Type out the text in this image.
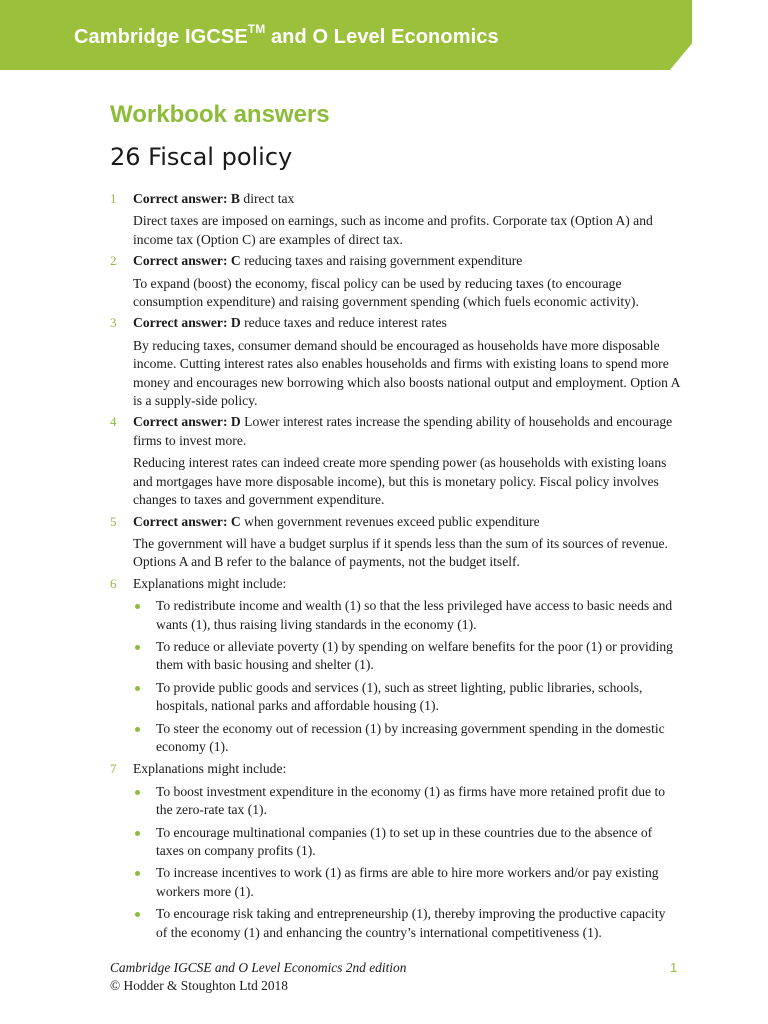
Cambridge IGCSE™ and O Level Economics
Workbook answers
26 Fiscal policy
1 Correct answer: B direct tax

Direct taxes are imposed on earnings, such as income and profits. Corporate tax (Option A) and income tax (Option C) are examples of direct tax.

2 Correct answer: C reducing taxes and raising government expenditure

To expand (boost) the economy, fiscal policy can be used by reducing taxes (to encourage consumption expenditure) and raising government spending (which fuels economic activity).

3 Correct answer: D reduce taxes and reduce interest rates

By reducing taxes, consumer demand should be encouraged as households have more disposable income. Cutting interest rates also enables households and firms with existing loans to spend more money and encourages new borrowing which also boosts national output and employment. Option A is a supply-side policy.

4 Correct answer: D Lower interest rates increase the spending ability of households and encourage firms to invest more.

Reducing interest rates can indeed create more spending power (as households with existing loans and mortgages have more disposable income), but this is monetary policy. Fiscal policy involves changes to taxes and government expenditure.

5 Correct answer: C when government revenues exceed public expenditure

The government will have a budget surplus if it spends less than the sum of its sources of revenue. Options A and B refer to the balance of payments, not the budget itself.

6 Explanations might include:

To redistribute income and wealth (1) so that the less privileged have access to basic needs and wants (1), thus raising living standards in the economy (1).
To reduce or alleviate poverty (1) by spending on welfare benefits for the poor (1) or providing them with basic housing and shelter (1).
To provide public goods and services (1), such as street lighting, public libraries, schools, hospitals, national parks and affordable housing (1).
To steer the economy out of recession (1) by increasing government spending in the domestic economy (1).
7 Explanations might include:

To boost investment expenditure in the economy (1) as firms have more retained profit due to the zero-rate tax (1).
To encourage multinational companies (1) to set up in these countries due to the absence of taxes on company profits (1).
To increase incentives to work (1) as firms are able to hire more workers and/or pay existing workers more (1).
To encourage risk taking and entrepreneurship (1), thereby improving the productive capacity of the economy (1) and enhancing the country’s international competitiveness (1).
Cambridge IGCSE and O Level Economics 2nd edition
© Hodder & Stoughton Ltd 2018
1
